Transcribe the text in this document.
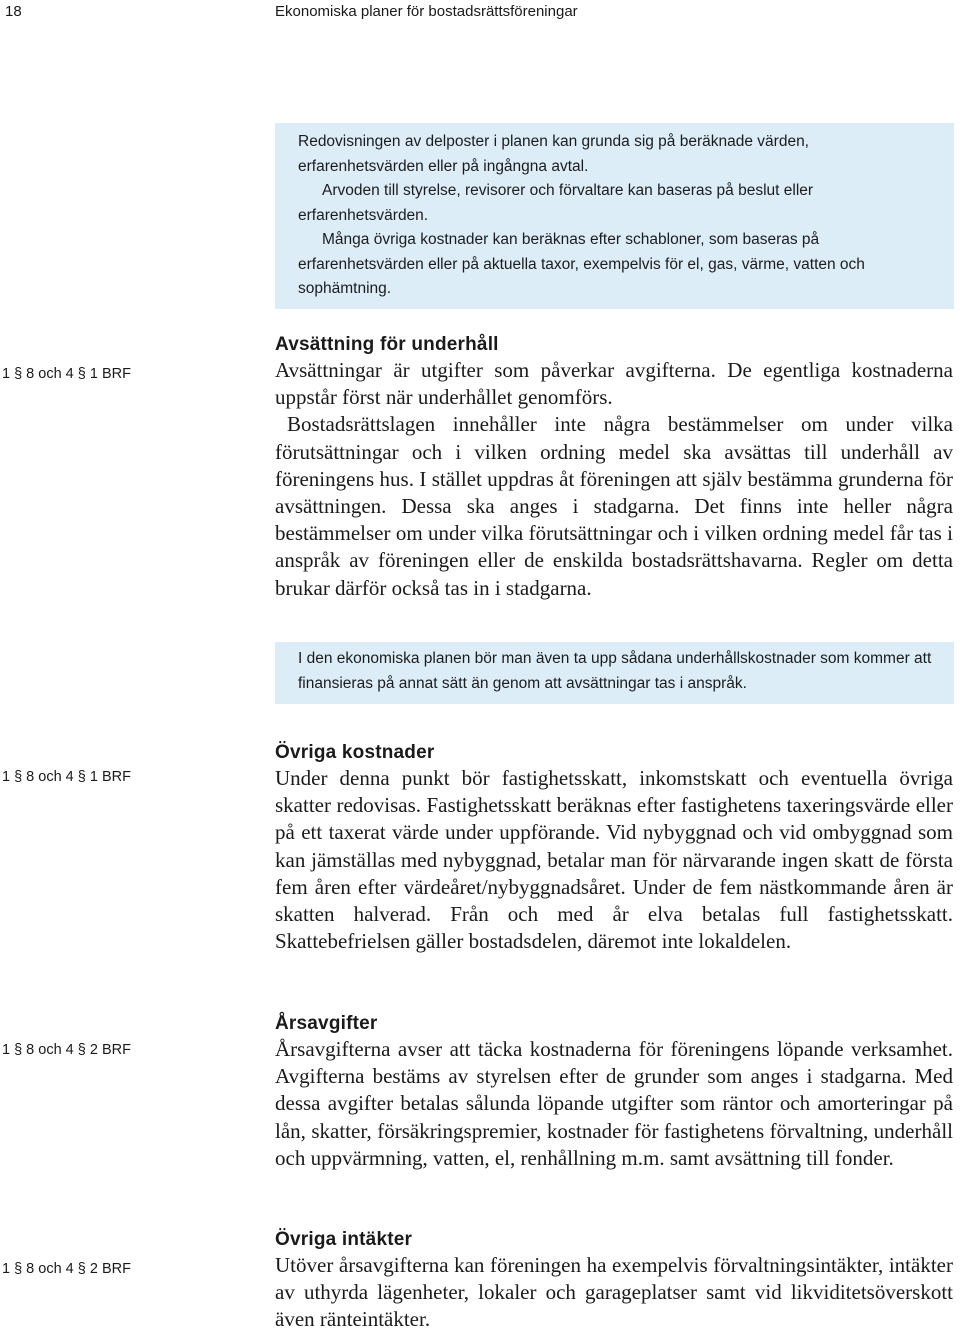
18	Ekonomiska planer för bostadsrättsföreningar

Redovisningen av delposter i planen kan grunda sig på beräknade värden, erfarenhetsvärden eller på ingångna avtal.

Arvoden till styrelse, revisorer och förvaltare kan baseras på beslut eller erfarenhetsvärden.

Många övriga kostnader kan beräknas efter schabloner, som baseras på erfarenhetsvärden eller på aktuella taxor, exempelvis för el, gas, värme, vatten och sophämtning.

1 § 8 och 4 § 1 BRF
Avsättning för underhåll

Avsättningar är utgifter som påverkar avgifterna. De egentliga kostnaderna uppstår först när underhållet genomförs.

Bostadsrättslagen innehåller inte några bestämmelser om under vilka förutsättningar och i vilken ordning medel ska avsättas till underhåll av föreningens hus. I stället uppdras åt föreningen att själv bestämma grunderna för avsättningen. Dessa ska anges i stadgarna. Det finns inte heller några bestämmelser om under vilka förutsättningar och i vilken ordning medel får tas i anspråk av föreningen eller de enskilda bostadsrättshavarna. Regler om detta brukar därför också tas in i stadgarna.

I den ekonomiska planen bör man även ta upp sådana underhållskostnader som kommer att finansieras på annat sätt än genom att avsättningar tas i anspråk.

1 § 8 och 4 § 1 BRF
Övriga kostnader

Under denna punkt bör fastighetsskatt, inkomstskatt och eventuella övriga skatter redovisas. Fastighetsskatt beräknas efter fastighetens taxeringsvärde eller på ett taxerat värde under uppförande. Vid nybyggnad och vid ombyggnad som kan jämställas med nybyggnad, betalar man för närvarande ingen skatt de första fem åren efter värdeåret/nybyggnadsåret. Under de fem nästkommande åren är skatten halverad. Från och med år elva betalas full fastighetsskatt. Skattebefrielsen gäller bostadsdelen, däremot inte lokaldelen.

1 § 8 och 4 § 2 BRF
Årsavgifter

Årsavgifterna avser att täcka kostnaderna för föreningens löpande verksamhet. Avgifterna bestäms av styrelsen efter de grunder som anges i stadgarna. Med dessa avgifter betalas sålunda löpande utgifter som räntor och amorteringar på lån, skatter, försäkringspremier, kostnader för fastighetens förvaltning, underhåll och uppvärmning, vatten, el, renhållning m.m. samt avsättning till fonder.

1 § 8 och 4 § 2 BRF
Övriga intäkter

Utöver årsavgifterna kan föreningen ha exempelvis förvaltningsintäkter, intäkter av uthyrda lägenheter, lokaler och garageplatser samt vid likviditetsöverskott även ränteintäkter.
